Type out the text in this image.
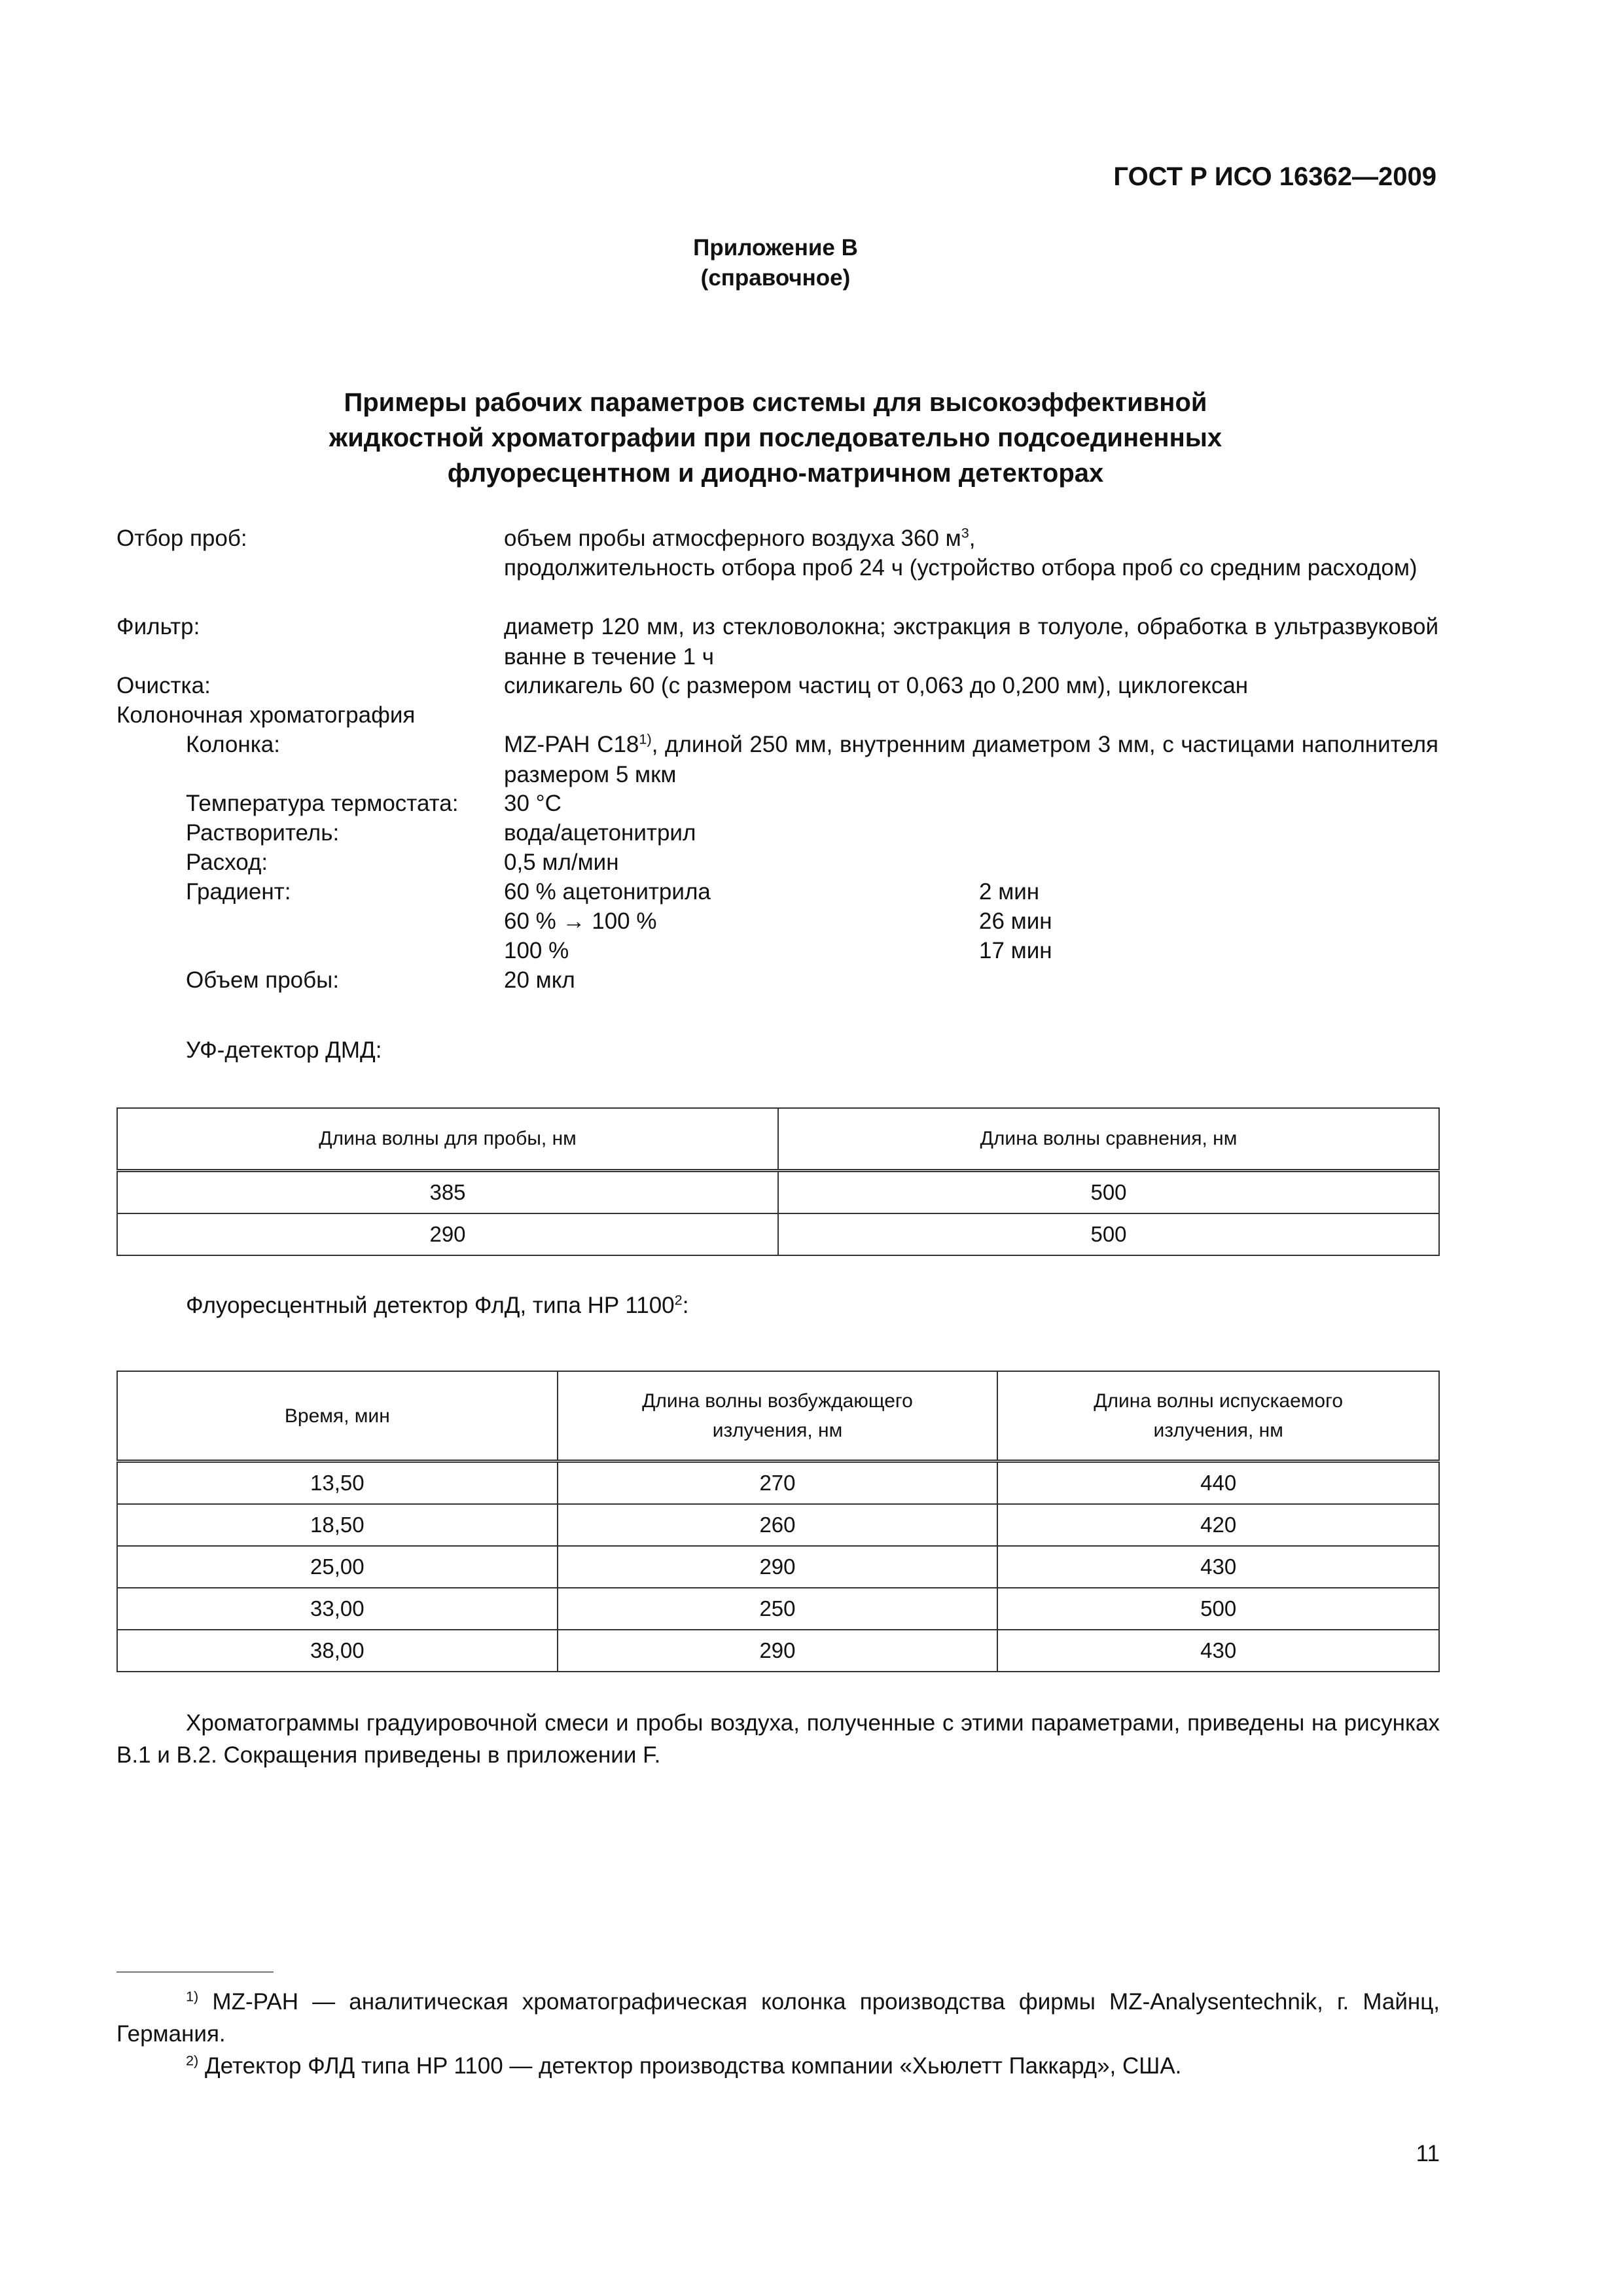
ГОСТ Р ИСО 16362—2009
Приложение B
(справочное)
Примеры рабочих параметров системы для высокоэффективной
жидкостной хроматографии при последовательно подсоединенных
флуоресцентном и диодно-матричном детекторах
Отбор проб:	объем пробы атмосферного воздуха 360 $м^3$,
продолжительность отбора проб 24 ч (устройство отбора проб со средним расходом)
Фильтр:	диаметр 120 мм, из стекловолокна; экстракция в толуоле, обработка в ультразвуковой ванне в течение 1 ч
Очистка:	силикагель 60 (с размером частиц от 0,063 до 0,200 мм), циклогексан
Колоночная хроматография
Колонка:	MZ-PAH C18$^{1)}$, длиной 250 мм, внутренним диаметром 3 мм, с частицами наполнителя размером 5 мкм
Температура термостата: 30 °C
Растворитель:	вода/ацетонитрил
Расход:	0,5 мл/мин
Градиент:	60 % ацетонитрила	2 мин
60 % → 100 %	26 мин
100 %	17 мин
Объем пробы:	20 мкл
УФ-детектор ДМД:
Длина волны для пробы, нм	Длина волны сравнения, нм
385	500
290	500
Флуоресцентный детектор ФлД, типа HP 1100$^2$:
Время, мин	Длина волны возбуждающего излучения, нм	Длина волны испускаемого излучения, нм
13,50	270	440
18,50	260	420
25,00	290	430
33,00	250	500
38,00	290	430
Хроматограммы градуировочной смеси и пробы воздуха, полученные с этими параметрами, приведены на рисунках B.1 и B.2. Сокращения приведены в приложении F.

$^{1)}$ MZ-PAH — аналитическая хроматографическая колонка производства фирмы MZ-Analysentechnik, г. Майнц, Германия.

$^{2)}$ Детектор ФЛД типа HP 1100 — детектор производства компании «Хьюлетт Паккард», США.

11
